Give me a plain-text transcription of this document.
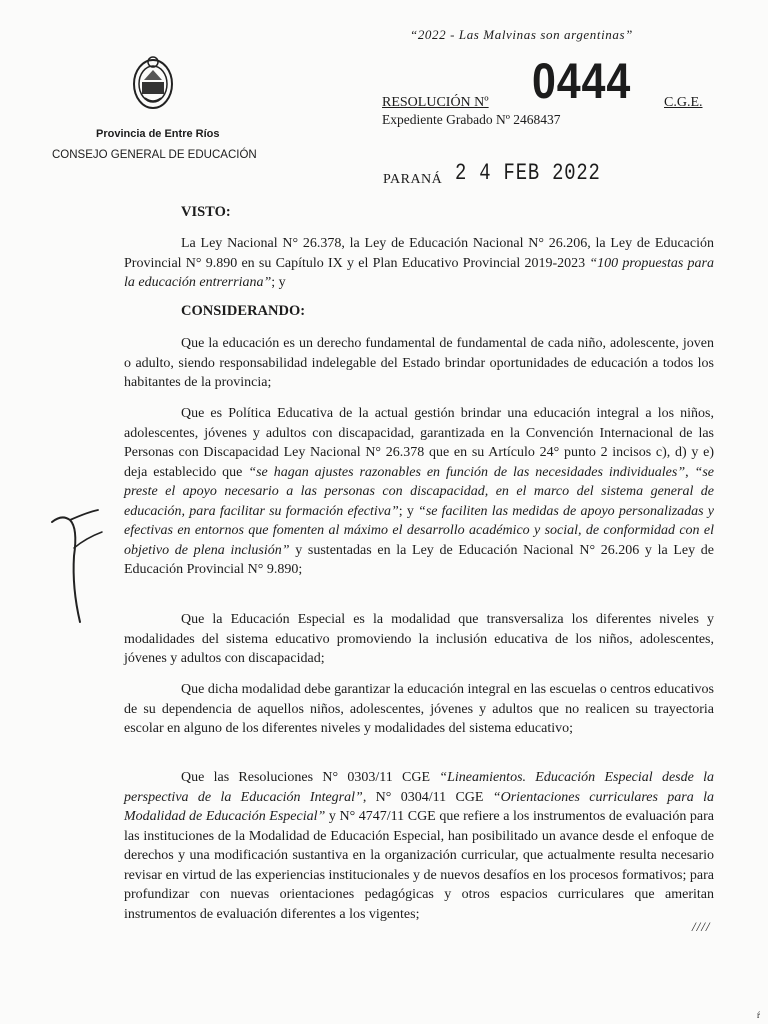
“2022 - Las Malvinas son argentinas”
Provincia de Entre Ríos
CONSEJO GENERAL DE EDUCACIÓN
RESOLUCIÓN Nº 0444 C.G.E.
Expediente Grabado Nº 2468437
PARANÁ 2 4 FEB 2022
VISTO:

La Ley Nacional N° 26.378, la Ley de Educación Nacional N° 26.206, la Ley de Educación Provincial N° 9.890 en su Capítulo IX y el Plan Educativo Provincial 2019-2023 “100 propuestas para la educación entrerriana”; y

CONSIDERANDO:

Que la educación es un derecho fundamental de fundamental de cada niño, adolescente, joven o adulto, siendo responsabilidad indelegable del Estado brindar oportunidades de educación a todos los habitantes de la provincia;

Que es Política Educativa de la actual gestión brindar una educación integral a los niños, adolescentes, jóvenes y adultos con discapacidad, garantizada en la Convención Internacional de las Personas con Discapacidad Ley Nacional N° 26.378 que en su Artículo 24° punto 2 incisos c), d) y e) deja establecido que “se hagan ajustes razonables en función de las necesidades individuales”, “se preste el apoyo necesario a las personas con discapacidad, en el marco del sistema general de educación, para facilitar su formación efectiva”; y “se faciliten las medidas de apoyo personalizadas y efectivas en entornos que fomenten al máximo el desarrollo académico y social, de conformidad con el objetivo de plena inclusión” y sustentadas en la Ley de Educación Nacional N° 26.206 y la Ley de Educación Provincial N° 9.890;

Que la Educación Especial es la modalidad que transversaliza los diferentes niveles y modalidades del sistema educativo promoviendo la inclusión educativa de los niños, adolescentes, jóvenes y adultos con discapacidad;

Que dicha modalidad debe garantizar la educación integral en las escuelas o centros educativos de su dependencia de aquellos niños, adolescentes, jóvenes y adultos que no realicen su trayectoria escolar en alguno de los diferentes niveles y modalidades del sistema educativo;

Que las Resoluciones N° 0303/11 CGE “Lineamientos. Educación Especial desde la perspectiva de la Educación Integral”, N° 0304/11 CGE “Orientaciones curriculares para la Modalidad de Educación Especial” y N° 4747/11 CGE que refiere a los instrumentos de evaluación para las instituciones de la Modalidad de Educación Especial, han posibilitado un avance desde el enfoque de derechos y una modificación sustantiva en la organización curricular, que actualmente resulta necesario revisar en virtud de las experiencias institucionales y de nuevos desafíos en los procesos formativos; para profundizar con nuevas orientaciones pedagógicas y otros espacios curriculares que ameritan instrumentos de evaluación diferentes a los vigentes;

////
ŕ
